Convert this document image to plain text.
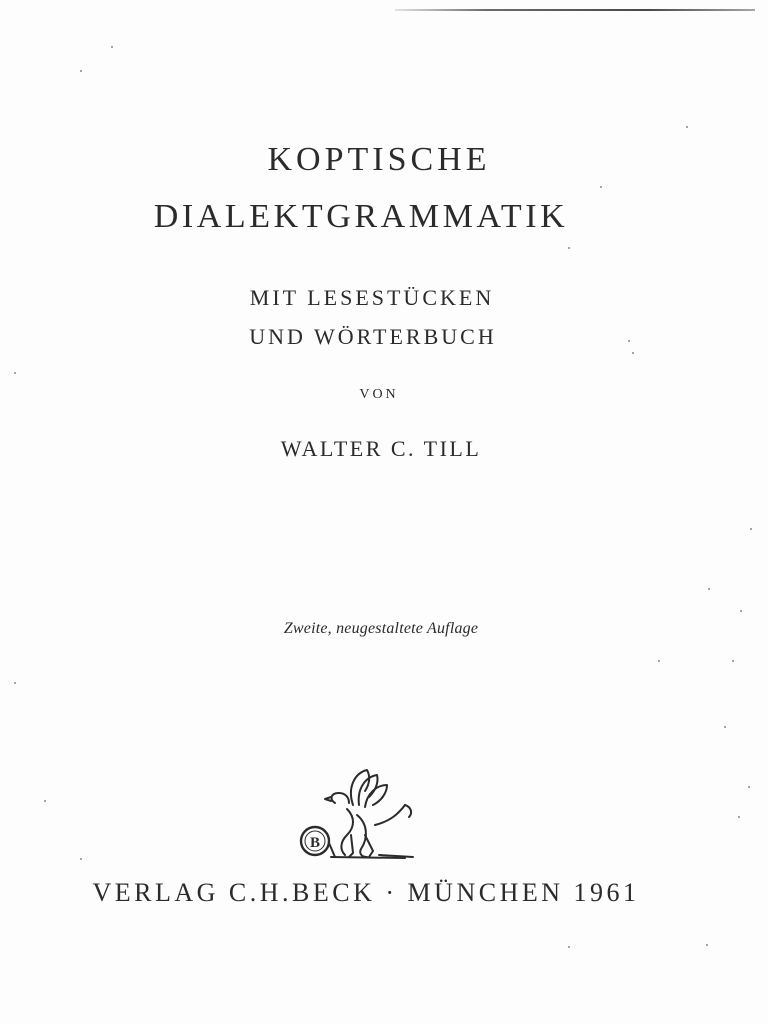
KOPTISCHE
DIALEKTGRAMMATIK
MIT LESESTÜCKEN
UND WÖRTERBUCH
VON
WALTER C. TILL
Zweite, neugestaltete Auflage
B
VERLAG C.H.BECK · MÜNCHEN 1961
